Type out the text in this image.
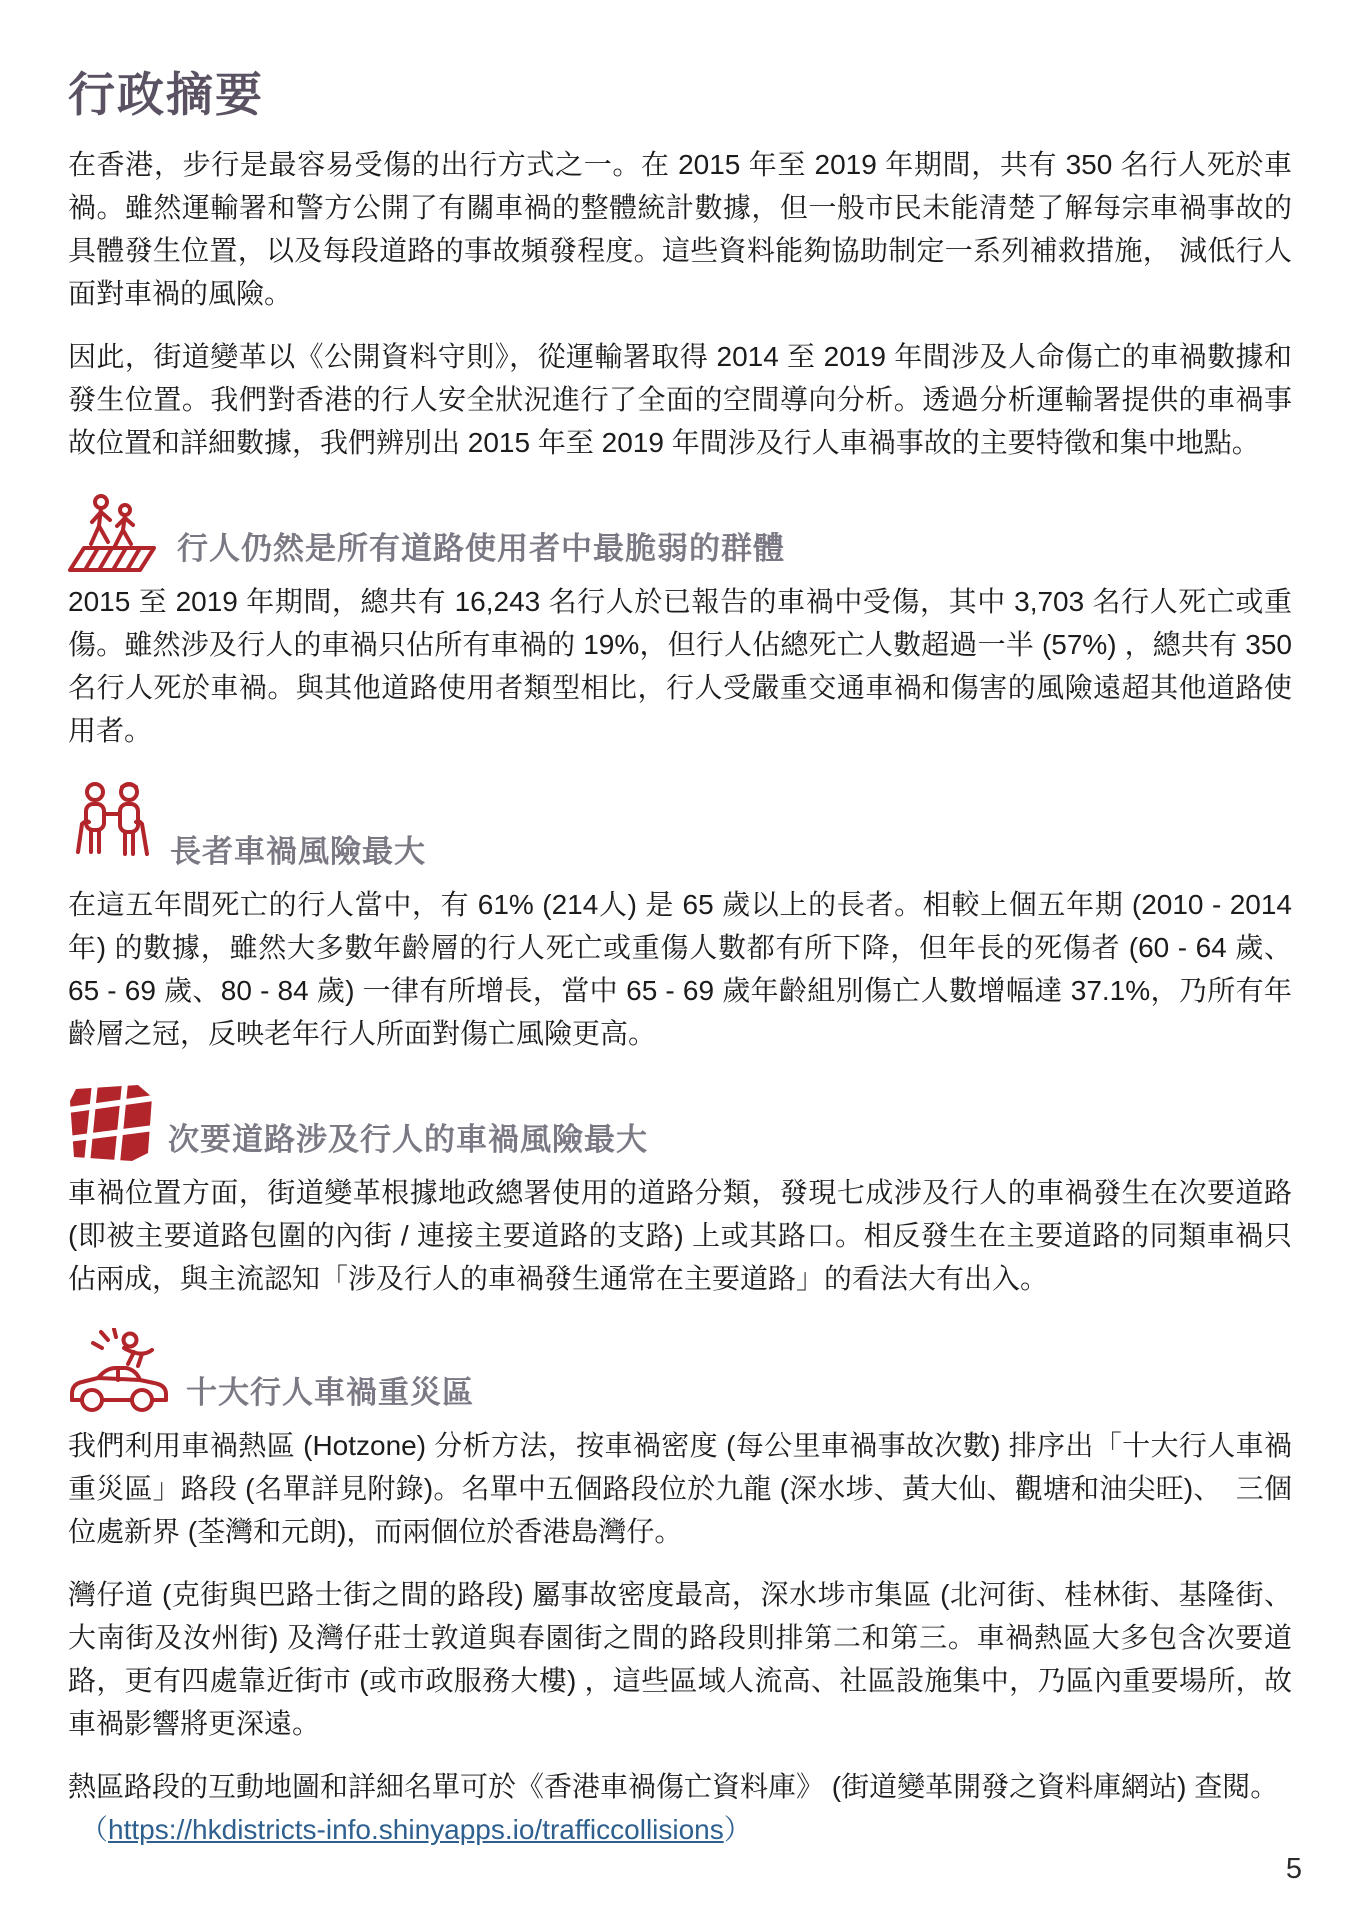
行政摘要

在香港，步行是最容易受傷的出行方式之一。在 2015 年至 2019 年期間，共有 350 名行人死於車禍。雖然運輸署和警方公開了有關車禍的整體統計數據，但一般市民未能清楚了解每宗車禍事故的具體發生位置，以及每段道路的事故頻發程度。這些資料能夠協助制定一系列補救措施， 減低行人面對車禍的風險。

因此，街道變革以《公開資料守則》，從運輸署取得 2014 至 2019 年間涉及人命傷亡的車禍數據和發生位置。我們對香港的行人安全狀況進行了全面的空間導向分析。透過分析運輸署提供的車禍事故位置和詳細數據，我們辨別出 2015 年至 2019 年間涉及行人車禍事故的主要特徵和集中地點。

行人仍然是所有道路使用者中最脆弱的群體

2015 至 2019 年期間，總共有 16,243 名行人於已報告的車禍中受傷，其中 3,703 名行人死亡或重傷。雖然涉及行人的車禍只佔所有車禍的 19%，但行人佔總死亡人數超過一半 (57%) ，總共有 350 名行人死於車禍。與其他道路使用者類型相比，行人受嚴重交通車禍和傷害的風險遠超其他道路使用者。

長者車禍風險最大

在這五年間死亡的行人當中，有 61% (214人) 是 65 歲以上的長者。相較上個五年期 (2010 - 2014 年) 的數據，雖然大多數年齡層的行人死亡或重傷人數都有所下降，但年長的死傷者 (60 - 64 歲、65 - 69 歲、80 - 84 歲) 一律有所增長，當中 65 - 69 歲年齡組別傷亡人數增幅達 37.1%，乃所有年齡層之冠，反映老年行人所面對傷亡風險更高。

次要道路涉及行人的車禍風險最大

車禍位置方面，街道變革根據地政總署使用的道路分類，發現七成涉及行人的車禍發生在次要道路 (即被主要道路包圍的內街 / 連接主要道路的支路) 上或其路口。相反發生在主要道路的同類車禍只佔兩成，與主流認知「涉及行人的車禍發生通常在主要道路」的看法大有出入。

十大行人車禍重災區

我們利用車禍熱區 (Hotzone) 分析方法，按車禍密度 (每公里車禍事故次數) 排序出「十大行人車禍重災區」路段 (名單詳見附錄)。名單中五個路段位於九龍 (深水埗、黃大仙、觀塘和油尖旺)、　三個位處新界 (荃灣和元朗)，而兩個位於香港島灣仔。

灣仔道 (克街與巴路士街之間的路段) 屬事故密度最高，深水埗市集區 (北河街、桂林街、基隆街、大南街及汝州街) 及灣仔莊士敦道與春園街之間的路段則排第二和第三。車禍熱區大多包含次要道路，更有四處靠近街市 (或市政服務大樓) ，這些區域人流高、社區設施集中，乃區內重要場所，故車禍影響將更深遠。

熱區路段的互動地圖和詳細名單可於《香港車禍傷亡資料庫》 (街道變革開發之資料庫網站) 查閱。

（https://hkdistricts-info.shinyapps.io/trafficcollisions）

5
